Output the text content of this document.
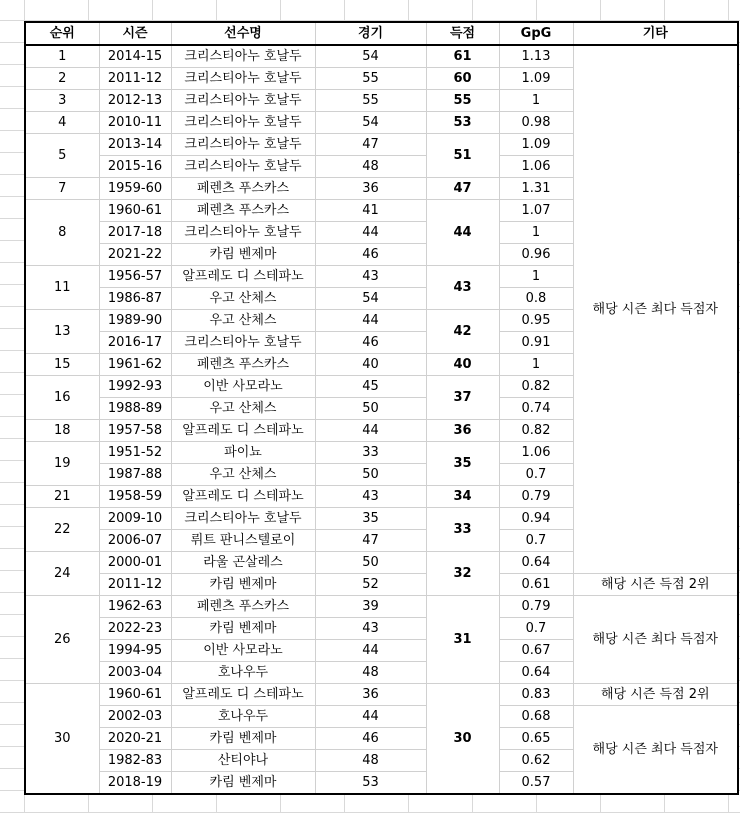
순위	시즌	선수명	경기	득점	GpG	기타
1	2014-15	크리스티아누 호날두	54	61	1.13	해당 시즌 최다 득점자
2	2011-12	크리스티아누 호날두	55	60	1.09	
3	2012-13	크리스티아누 호날두	55	55	1	
4	2010-11	크리스티아누 호날두	54	53	0.98	
5	2013-14	크리스티아누 호날두	47	51	1.09	
	2015-16	크리스티아누 호날두	48		1.06	
7	1959-60	페렌츠 푸스카스	36	47	1.31	
8	1960-61	페렌츠 푸스카스	41	44	1.07	
	2017-18	크리스티아누 호날두	44		1	
	2021-22	카림 벤제마	46		0.96	
11	1956-57	알프레도 디 스테파노	43	43	1	
	1986-87	우고 산체스	54		0.8	
13	1989-90	우고 산체스	44	42	0.95	
	2016-17	크리스티아누 호날두	46		0.91	
15	1961-62	페렌츠 푸스카스	40	40	1	
16	1992-93	이반 사모라노	45	37	0.82	
	1988-89	우고 산체스	50		0.74	
18	1957-58	알프레도 디 스테파노	44	36	0.82	
19	1951-52	파이뇨	33	35	1.06	
	1987-88	우고 산체스	50		0.7	
21	1958-59	알프레도 디 스테파노	43	34	0.79	
22	2009-10	크리스티아누 호날두	35	33	0.94	
	2006-07	뤼트 판니스텔로이	47		0.7	
24	2000-01	라울 곤살레스	50	32	0.64	
	2011-12	카림 벤제마	52		0.61	해당 시즌 득점 2위
26	1962-63	페렌츠 푸스카스	39	31	0.79	해당 시즌 최다 득점자
	2022-23	카림 벤제마	43		0.7	
	1994-95	이반 사모라노	44		0.67	
	2003-04	호나우두	48		0.64	
30	1960-61	알프레도 디 스테파노	36	30	0.83	해당 시즌 득점 2위
	2002-03	호나우두	44		0.68	해당 시즌 최다 득점자
	2020-21	카림 벤제마	46		0.65	
	1982-83	산티야나	48		0.62	
	2018-19	카림 벤제마	53		0.57	
